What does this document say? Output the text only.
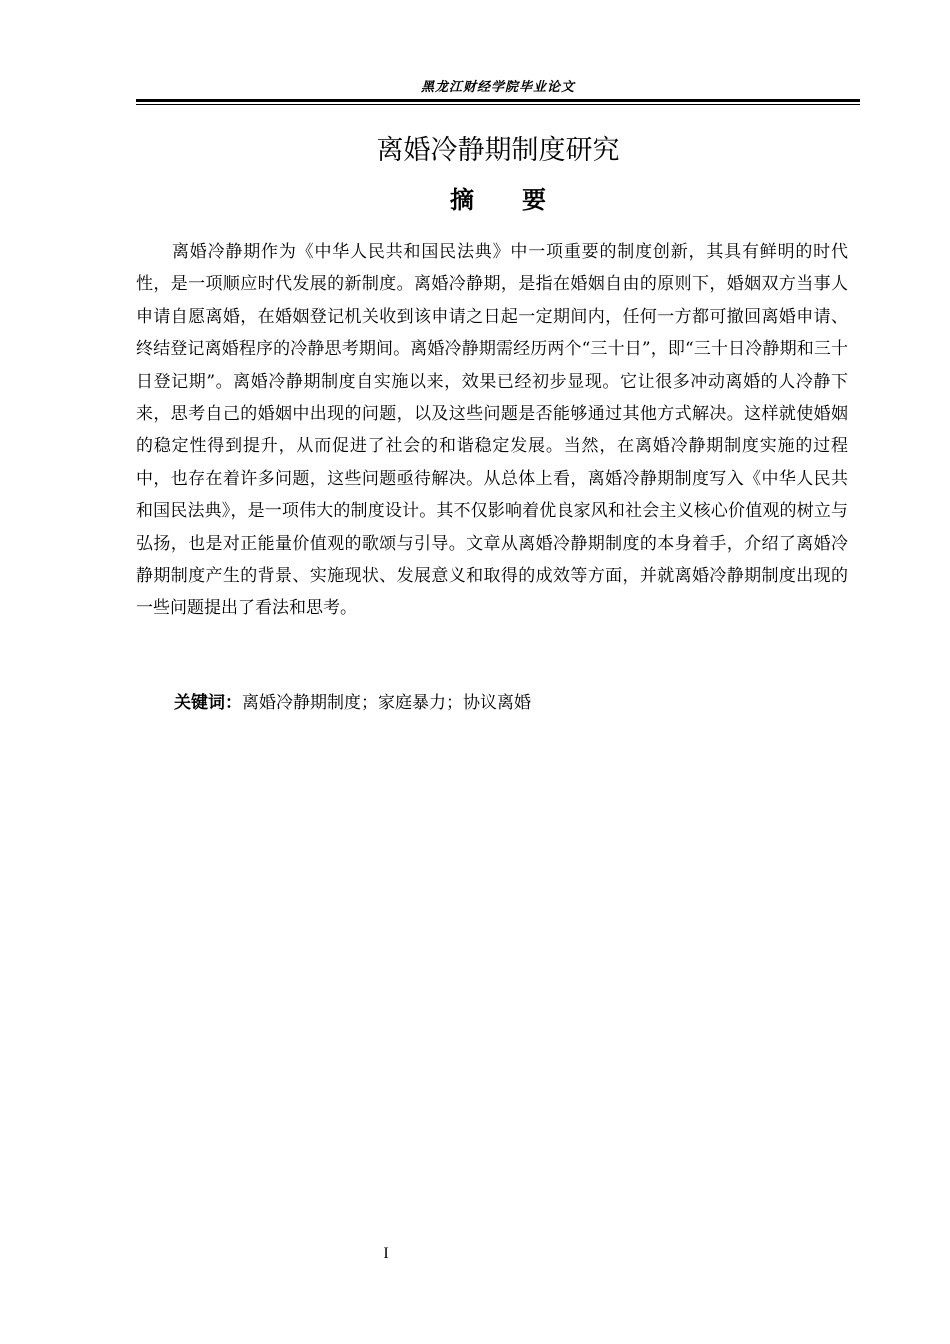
黑龙江财经学院毕业论文
离婚冷静期制度研究
摘要

离婚冷静期作为《中华人民共和国民法典》中一项重要的制度创新，其具有鲜明的时代性，是一项顺应时代发展的新制度。离婚冷静期，是指在婚姻自由的原则下，婚姻双方当事人申请自愿离婚，在婚姻登记机关收到该申请之日起一定期间内，任何一方都可撤回离婚申请、终结登记离婚程序的冷静思考期间。离婚冷静期需经历两个“三十日”，即“三十日冷静期和三十日登记期”。离婚冷静期制度自实施以来，效果已经初步显现。它让很多冲动离婚的人冷静下来，思考自己的婚姻中出现的问题，以及这些问题是否能够通过其他方式解决。这样就使婚姻的稳定性得到提升，从而促进了社会的和谐稳定发展。当然，在离婚冷静期制度实施的过程中，也存在着许多问题，这些问题亟待解决。从总体上看，离婚冷静期制度写入《中华人民共和国民法典》，是一项伟大的制度设计。其不仅影响着优良家风和社会主义核心价值观的树立与弘扬，也是对正能量价值观的歌颂与引导。文章从离婚冷静期制度的本身着手，介绍了离婚冷静期制度产生的背景、实施现状、发展意义和取得的成效等方面，并就离婚冷静期制度出现的一些问题提出了看法和思考。

关键词：离婚冷静期制度；家庭暴力；协议离婚
I
